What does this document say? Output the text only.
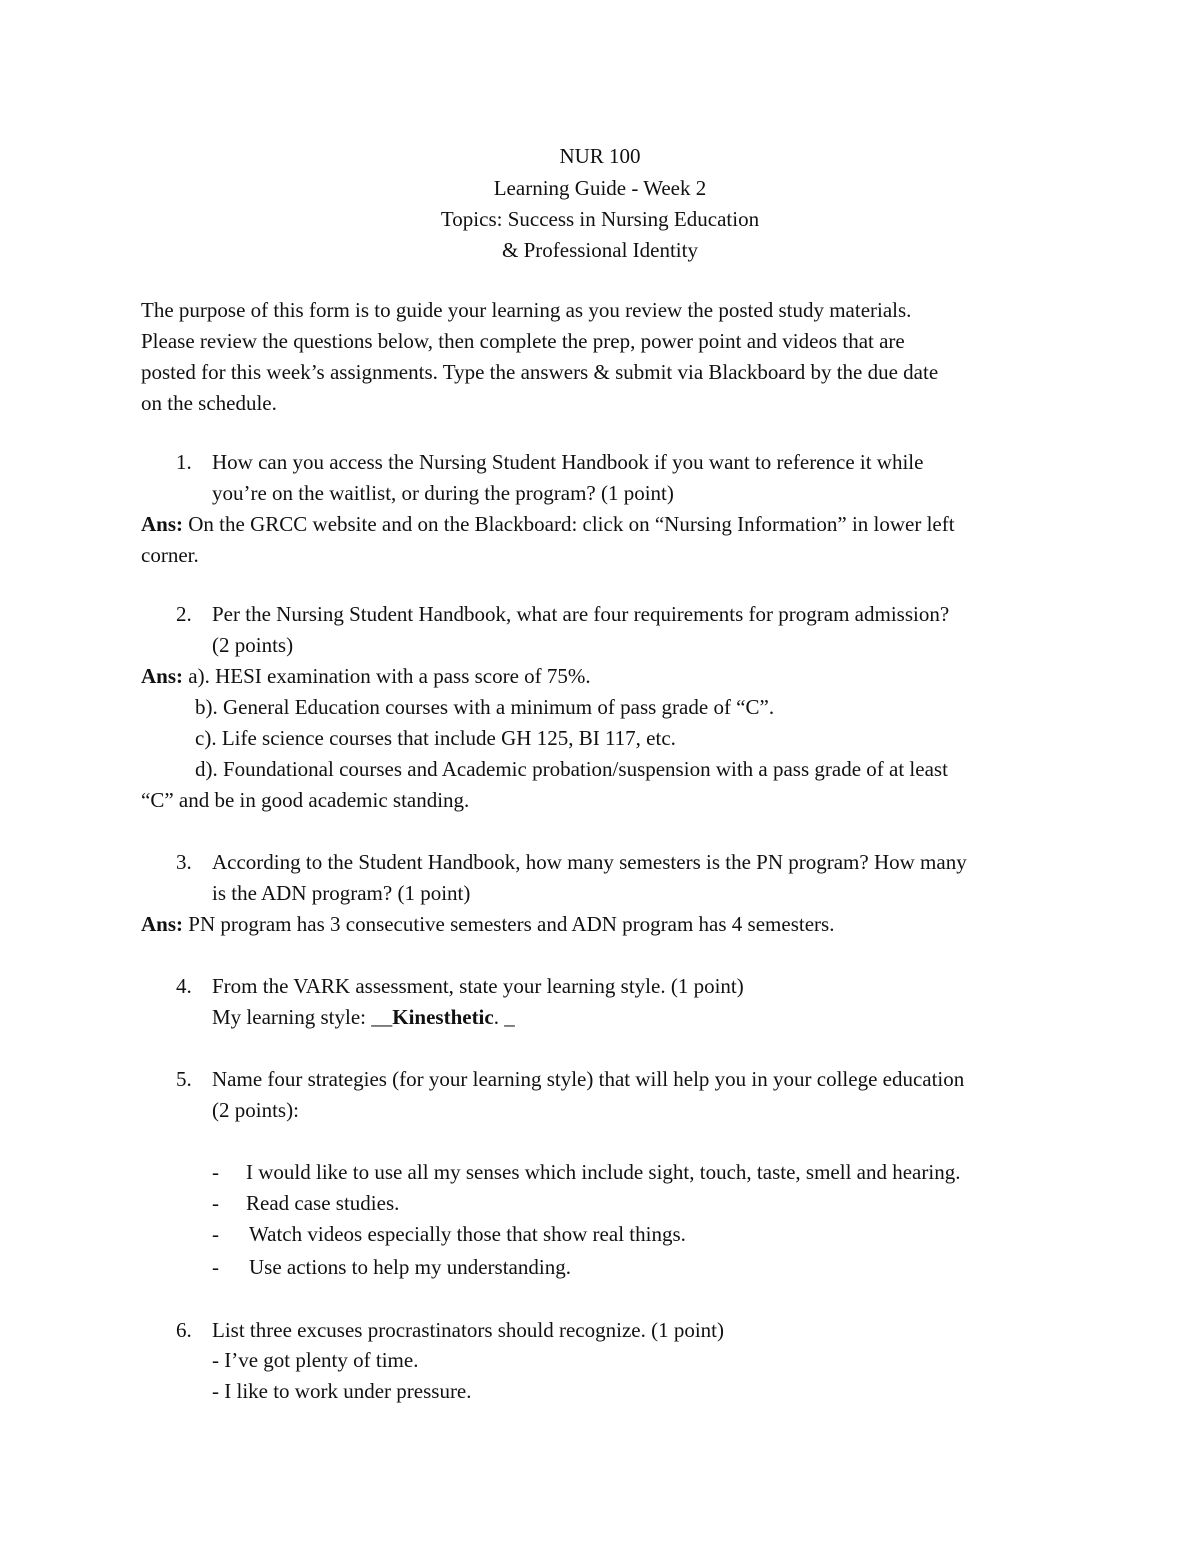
NUR 100
Learning Guide - Week 2
Topics: Success in Nursing Education
& Professional Identity
The purpose of this form is to guide your learning as you review the posted study materials.
Please review the questions below, then complete the prep, power point and videos that are
posted for this week’s assignments. Type the answers & submit via Blackboard by the due date
on the schedule.
1. How can you access the Nursing Student Handbook if you want to reference it while
you’re on the waitlist, or during the program? (1 point)
Ans: On the GRCC website and on the Blackboard: click on “Nursing Information” in lower left
corner.
2. Per the Nursing Student Handbook, what are four requirements for program admission?
(2 points)
Ans: a). HESI examination with a pass score of 75%.
b). General Education courses with a minimum of pass grade of “C”.
c). Life science courses that include GH 125, BI 117, etc.
d). Foundational courses and Academic probation/suspension with a pass grade of at least
“C” and be in good academic standing.
3. According to the Student Handbook, how many semesters is the PN program? How many
is the ADN program? (1 point)
Ans: PN program has 3 consecutive semesters and ADN program has 4 semesters.
4. From the VARK assessment, state your learning style. (1 point)
My learning style: __Kinesthetic. _
5. Name four strategies (for your learning style) that will help you in your college education
(2 points):
- I would like to use all my senses which include sight, touch, taste, smell and hearing.
- Read case studies.
- Watch videos especially those that show real things.
- Use actions to help my understanding.
6. List three excuses procrastinators should recognize. (1 point)
- I’ve got plenty of time.
- I like to work under pressure.
